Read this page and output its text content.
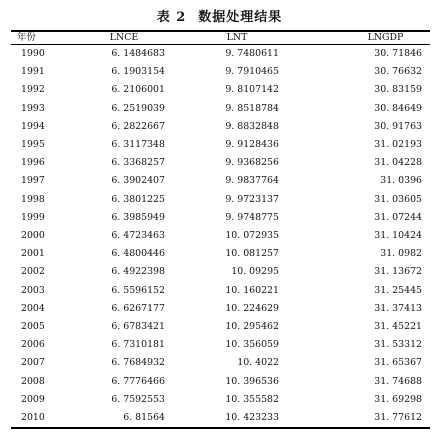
表 2 数据处理结果
年份	LNCE	LNT	LNGDP
1990	6. 1484683	9. 7480611	30. 71846
1991	6. 1903154	9. 7910465	30. 76632
1992	6. 2106001	9. 8107142	30. 83159
1993	6. 2519039	9. 8518784	30. 84649
1994	6. 2822667	9. 8832848	30. 91763
1995	6. 3117348	9. 9128436	31. 02193
1996	6. 3368257	9. 9368256	31. 04228
1997	6. 3902407	9. 9837764	31. 0396
1998	6. 3801225	9. 9723137	31. 03605
1999	6. 3985949	9. 9748775	31. 07244
2000	6. 4723463	10. 072935	31. 10424
2001	6. 4800446	10. 081257	31. 0982
2002	6. 4922398	10. 09295	31. 13672
2003	6. 5596152	10. 160221	31. 25445
2004	6. 6267177	10. 224629	31. 37413
2005	6. 6783421	10. 295462	31. 45221
2006	6. 7310181	10. 356059	31. 53312
2007	6. 7684932	10. 4022	31. 65367
2008	6. 7776466	10. 396536	31. 74688
2009	6. 7592553	10. 355582	31. 69298
2010	6. 81564	10. 423233	31. 77612
